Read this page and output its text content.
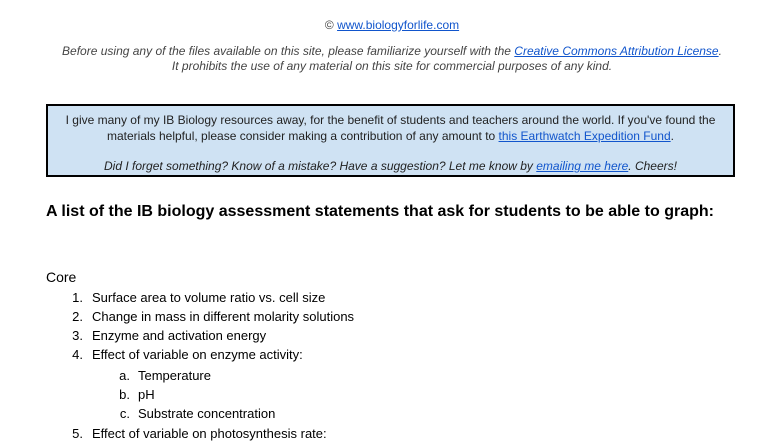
© www.biologyforlife.com
Before using any of the files available on this site, please familiarize yourself with the Creative Commons Attribution License. It prohibits the use of any material on this site for commercial purposes of any kind.
I give many of my IB Biology resources away, for the benefit of students and teachers around the world. If you've found the materials helpful, please consider making a contribution of any amount to this Earthwatch Expedition Fund.
Did I forget something? Know of a mistake? Have a suggestion? Let me know by emailing me here. Cheers!
A list of the IB biology assessment statements that ask for students to be able to graph:
Core
1. Surface area to volume ratio vs. cell size
2. Change in mass in different molarity solutions
3. Enzyme and activation energy
4. Effect of variable on enzyme activity:
a. Temperature
b. pH
c. Substrate concentration
5. Effect of variable on photosynthesis rate:
